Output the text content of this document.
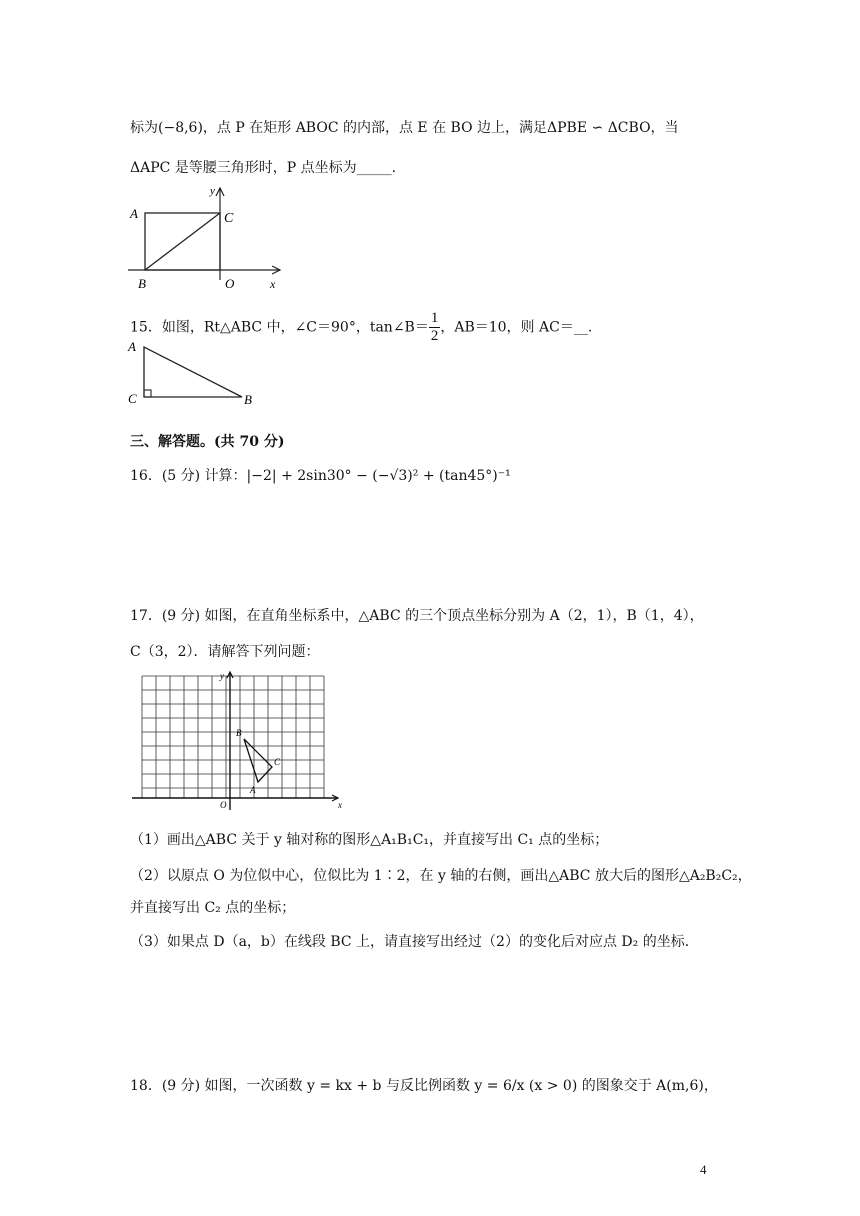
标为(−8,6)，点 P 在矩形 ABOC 的内部，点 E 在 BO 边上，满足ΔPBE ∽ ΔCBO，当
ΔAPC 是等腰三角形时，P 点坐标为_____.
A
B
C
O	x
y
15．如图，Rt△ABC 中，∠C＝90°，tan∠B＝ $\frac{1}{2}$ ，AB＝10，则 AC＝__.
A
C	B
三、解答题。(共 70 分)
16．(5 分) 计算：|−2| + 2sin30° − (−√3)² + (tan45°)⁻¹
17．(9 分) 如图，在直角坐标系中，△ABC 的三个顶点坐标分别为 A（2，1），B（1，4），
C（3，2）．请解答下列问题：
A
B
C
O	x
y
（1）画出△ABC 关于 y 轴对称的图形△A₁B₁C₁，并直接写出 C₁ 点的坐标；
（2）以原点 O 为位似中心，位似比为 1∶2，在 y 轴的右侧，画出△ABC 放大后的图形△A₂B₂C₂，
并直接写出 C₂ 点的坐标；
（3）如果点 D（a，b）在线段 BC 上，请直接写出经过（2）的变化后对应点 D₂ 的坐标．
18．(9 分) 如图，一次函数 y = kx + b 与反比例函数 y = 6/x (x > 0) 的图象交于 A(m,6)，
4
